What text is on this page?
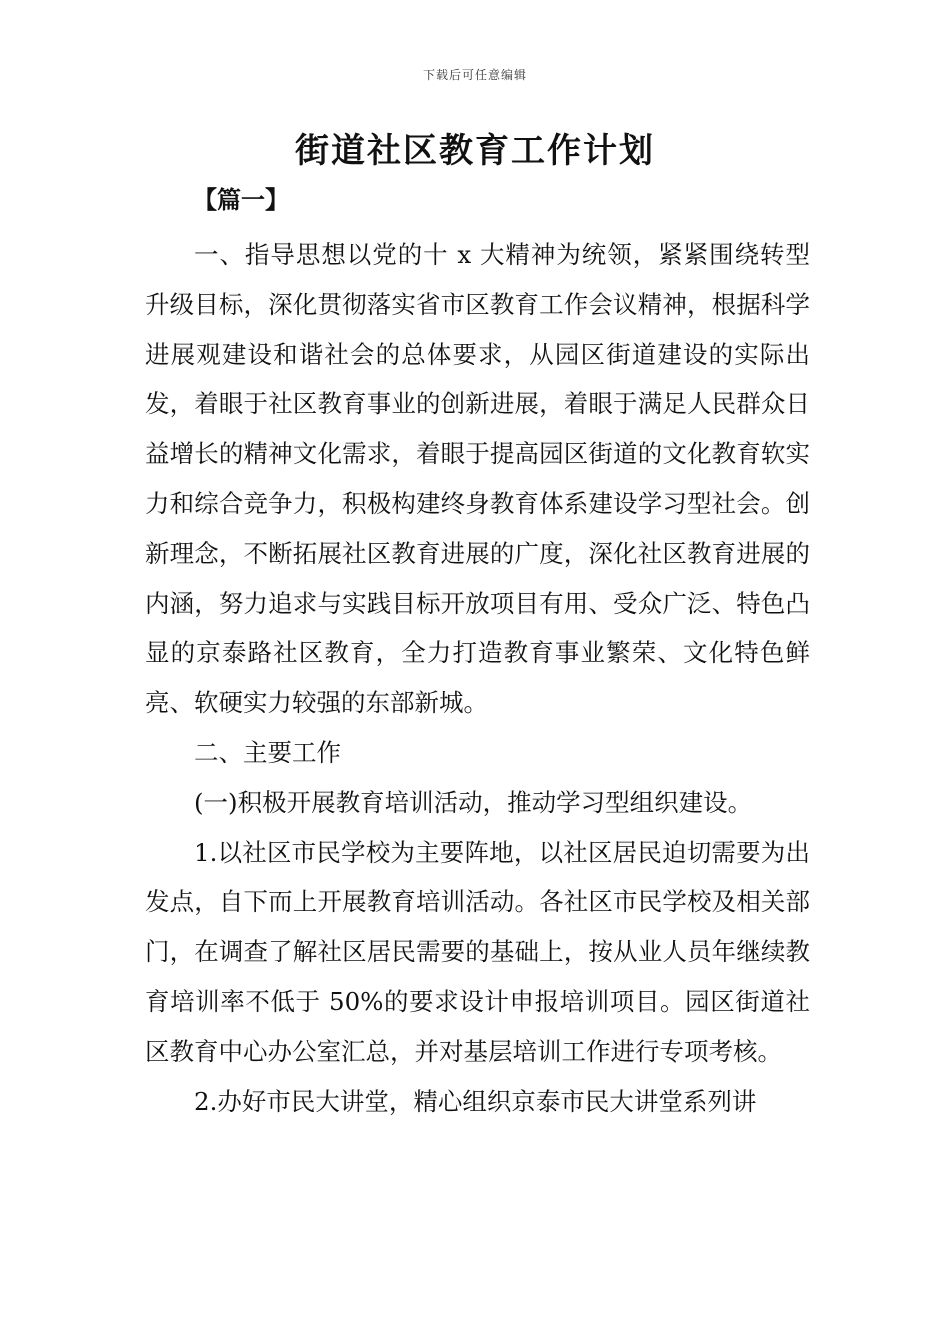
下载后可任意编辑
街道社区教育工作计划
【篇一】

一、指导思想以党的十 x 大精神为统领，紧紧围绕转型升级目标，深化贯彻落实省市区教育工作会议精神，根据科学进展观建设和谐社会的总体要求，从园区街道建设的实际出发，着眼于社区教育事业的创新进展，着眼于满足人民群众日益增长的精神文化需求，着眼于提高园区街道的文化教育软实力和综合竞争力，积极构建终身教育体系建设学习型社会。创新理念，不断拓展社区教育进展的广度，深化社区教育进展的内涵，努力追求与实践目标开放项目有用、受众广泛、特色凸显的京泰路社区教育，全力打造教育事业繁荣、文化特色鲜亮、软硬实力较强的东部新城。

二、主要工作

(一)积极开展教育培训活动，推动学习型组织建设。

1.以社区市民学校为主要阵地，以社区居民迫切需要为出发点，自下而上开展教育培训活动。各社区市民学校及相关部门，在调查了解社区居民需要的基础上，按从业人员年继续教育培训率不低于 50%的要求设计申报培训项目。园区街道社区教育中心办公室汇总，并对基层培训工作进行专项考核。

2.办好市民大讲堂，精心组织京泰市民大讲堂系列讲
